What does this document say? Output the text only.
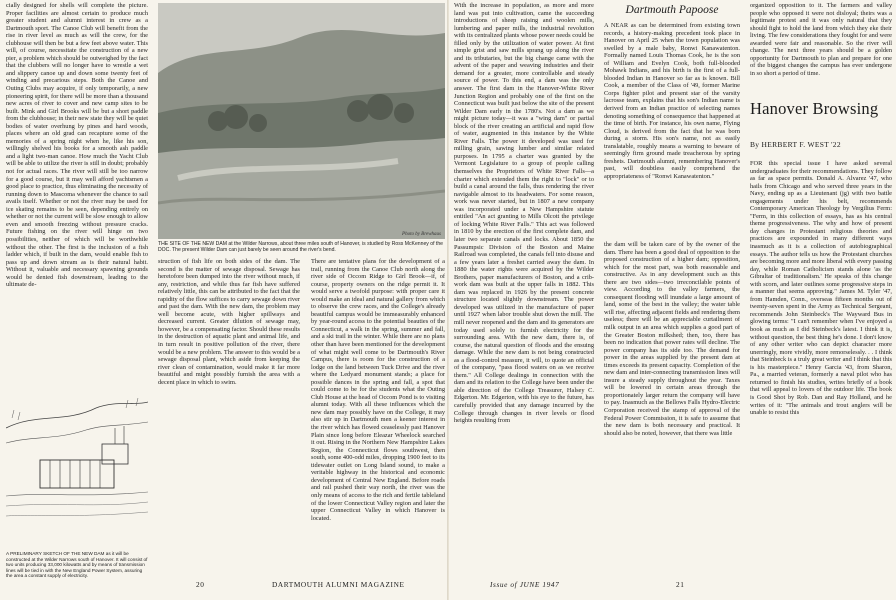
cially designed for shells will complete the picture. Proper facilities are almost certain to produce much greater student and alumni interest in crew as a Dartmouth sport. The Canoe Club will benefit from the rise in river level as much as will the crew, for the clubhouse will then be but a few feet above water. This will, of course, necessitate the construction of a new pier, a problem which should be outweighed by the fact that the clubbers will no longer have to wrestle a wet and slippery canoe up and down some twenty feet of winding and precarious steps. Both the Canoe and Outing Clubs may acquire, if only temporarily, a new pioneering spirit, for there will be more than a thousand new acres of river to cover and new camp sites to be built. Mink and Girl Brooks will be but a short paddle from the clubhouse; in their new state they will be quiet bodies of water overhung by pines and hard woods, places where an old grad can recapture some of the memories of a spring night when he, like his son, willingly shelved his books for a smooth ash paddle and a light two-man canoe. How much the Yacht Club will be able to utilize the river is still in doubt; probably not for actual races. The river will still be too narrow for a good course, but it may well afford yachtsmen a good place to practice, thus eliminating the necessity of running down to Mascoma whenever the chance to sail avails itself. Whether or not the river may be used for ice skating remains to be seen, depending entirely on whether or not the current will be slow enough to allow even and smooth freezing without pressure cracks. Future fishing on the river will hinge on two possibilities, neither of which will be worthwhile without the other. The first is the inclusion of a fish ladder which, if built in the dam, would enable fish to pass up and down stream as is their natural habit. Without it, valuable and necessary spawning grounds would be denied fish downstream, leading to the ultimate de-

Photo by Brewhaus
THE SITE OF THE NEW DAM at the Wilder Narrows, about three miles south of Hanover, is studied by Ross McKenney of the DOC. The present Wilder Dam can just barely be seen around the river's bend.
A PRELIMINARY SKETCH OF THE NEW DAM as it will be constructed at the Wilder Narrows south of Hanover. It will consist of two units producing 33,000 kilowatts and by means of transmission lines will be tied in with the New England Power System, assuring the area a constant supply of electricity.

struction of fish life on both sides of the dam. The second is the matter of sewage disposal. Sewage has heretofore been dumped into the river without much, if any, restriction, and while thus far fish have suffered relatively little, this can be attributed to the fact that the rapidity of the flow suffices to carry sewage down river and past the dam. With the new dam, the problem may well become acute, with higher spillways and decreased current. Greater dilution of sewage may, however, be a compensating factor. Should these results in the destruction of aquatic plant and animal life, and in turn result in positive pollution of the river, there would be a new problem. The answer to this would be a sewage disposal plant, which aside from keeping the river clean of contamination, would make it far more beautiful and might possibly furnish the area with a decent place in which to swim.

There are tentative plans for the development of a trail, running from the Canoe Club north along the river side of Occom Ridge to Girl Brook—if, of course, property owners on the ridge permit it. It would serve a twofold purpose: with proper care it would make an ideal and natural gallery from which to observe the crew races, and the College's already beautiful campus would be immeasurably enhanced by year-round access to the potential beauties of the Connecticut, a walk in the spring, summer and fall, and a ski trail in the winter. While there are no plans other than have been mentioned for the development of what might well come to be Dartmouth's River Campus, there is room for the construction of a lodge on the land between Tuck Drive and the river where the Ledyard monument stands; a place for possible dances in the spring and fall, a spot that could come to be for the students what the Outing Club House at the head of Occom Pond is to visiting alumni today. With all these influences which the new dam may possibly have on the College, it may also stir up in Dartmouth men a keener interest in the river which has flowed ceaselessly past Hanover Plain since long before Eleazar Wheelock searched it out. Rising in the Northern New Hampshire Lakes Region, the Connecticut flows southwest, then south, some 400-odd miles, dropping 1900 feet to its tidewater outlet on Long Island sound, to make a veritable highway in the historical and economic development of Central New England. Before roads and rail pushed their way north, the river was the only means of access to the rich and fertile tableland of the lower Connecticut Valley region and later the upper Connecticut Valley in which Hanover is located.

20	DARTMOUTH ALUMNI MAGAZINE

With the increase in population, as more and more land was put into cultivation, came the succeeding introductions of sheep raising and woolen mills, lumbering and paper mills, the industrial revolution with its centralized plants whose power needs could be filled only by the utilization of water power. At first simple grist and saw mills sprang up along the river and its tributaries, but the big change came with the advent of the paper and weaving industries and their demand for a greater, more controllable and steady source of power. To this end, a dam was the only answer. The first dam in the Hanover-White River Junction Region and probably one of the first on the Connecticut was built just below the site of the present Wilder Dam early in the 1780's. Not a dam as we might picture today—it was a "wing dam" or partial block of the river creating an artificial and rapid flow of water, augmented in this instance by the White River Falls. The power it developed was used for milling grain, sawing lumber and similar related purposes. In 1795 a charter was granted by the Vermont Legislature to a group of people calling themselves the Proprietors of White River Falls—a charter which extended them the right to "lock" or to build a canal around the falls, thus rendering the river navigable almost to its headwaters. For some reason, work was never started, but in 1807 a new company was incorporated under a New Hampshire statute entitled "An act granting to Mills Olcott the privilege of locking White River Falls." This act was followed in 1810 by the erection of the first complete dam, and later two separate canals and locks. About 1850 the Passumpsic Division of the Boston and Maine Railroad was completed, the canals fell into disuse and a few years later a freshet carried away the dam. In 1880 the water rights were acquired by the Wilder Brothers, paper manufacturers of Boston, and a crib-work dam was built at the upper falls in 1882. This dam was replaced in 1926 by the present concrete structure located slightly downstream. The power developed was utilized in the manufacture of paper until 1927 when labor trouble shut down the mill. The mill never reopened and the dam and its generators are today used solely to furnish electricity for the surrounding area. With the new dam, there is, of course, the natural question of floods and the ensuing damage. While the new dam is not being constructed as a flood-control measure, it will, to quote an official of the company, "pass flood waters on as we receive them." All College dealings in connection with the dam and its relation to the College have been under the able direction of the College Treasurer, Halsey C. Edgerton. Mr. Edgerton, with his eye to the future, has carefully provided that any damage incurred by the College through changes in river levels or flood heights resulting from

Dartmouth Papoose

A NEAR as can be determined from existing town records, a history-making precedent took place in Hanover on April 25 when the town population was swelled by a male baby, Ronwi Kanawatenton. Formally named Louis Thomas Cook, he is the son of William and Evelyn Cook, both full-blooded Mohawk Indians, and his birth is the first of a full-blooded Indian in Hanover so far as is known. Bill Cook, a member of the Class of '49, former Marine Corps fighter pilot and present star of the varsity lacrosse team, explains that his son's Indian name is derived from an Indian practice of selecting names denoting something of consequence that happened at the time of birth. For instance, his own name, Flying Cloud, is derived from the fact that he was born during a storm. His son's name, not as easily translatable, roughly means a warning to beware of seemingly firm ground made treacherous by spring freshets. Dartmouth alumni, remembering Hanover's past, will doubtless easily comprehend the appropriateness of "Ronwi Kanawatenton."

the dam will be taken care of by the owner of the dam. There has been a good deal of opposition to the proposed construction of a higher dam; opposition, which for the most part, was both reasonable and constructive. As in any development such as this there are two sides—two irreconcilable points of view. According to the valley farmers, the consequent flooding will inundate a large amount of land, some of the best in the valley; the water table will rise, affecting adjacent fields and rendering them useless; there will be an appreciable curtailment of milk output in an area which supplies a good part of the Greater Boston milkshed; then, too, there has been no indication that power rates will decline. The power company has its side too. The demand for power in the areas supplied by the present dam at times exceeds its present capacity. Completion of the new dam and inter-connecting transmission lines will insure a steady supply throughout the year. Taxes will be lowered in certain areas through the proportionately larger return the company will have to pay. Inasmuch as the Bellows Falls Hydro-Electric Corporation received the stamp of approval of the Federal Power Commission, it is safe to assume that the new dam is both necessary and practical. It should also be noted, however, that there was little

organized opposition to it. The farmers and valley people who opposed it were not disloyal; theirs was a legitimate protest and it was only natural that they should fight to hold the land from which they eke their living. The few considerations they fought for and were awarded were fair and reasonable. So the river will change. The next three years should be a golden opportunity for Dartmouth to plan and prepare for one of the biggest changes the campus has ever undergone in so short a period of time.

Hanover Browsing
By HERBERT F. WEST '22

FOR this special issue I have asked several undergraduates for their recommendations. They follow as far as space permits. Donald A. Alvarez '47, who hails from Chicago and who served three years in the Navy, ending up as a Lieutenant (jg) with two battle engagements under his belt, recommends Contemporary American Theology by Vergilius Ferm: "Ferm, in this collection of essays, has as his central theme progressiveness. The why and how of present day changes in Protestant religious theories and practices are expounded in many different ways inasmuch as it is a collection of autobiographical essays. The author tells us how the Protestant churches are becoming more and more liberal with every passing day, while Roman Catholicism stands alone 'as the Gibraltar of traditionalism.' He speaks of this change with scorn, and later outlines some progressive steps in a manner that seems approving." James M. Tyler '47, from Hamden, Conn., overseas fifteen months out of twenty-seven spent in the Army as Technical Sergeant, recommends John Steinbeck's The Wayward Bus in glowing terms: "I can't remember when I've enjoyed a book as much as I did Steinbeck's latest. I think it is, without question, the best thing he's done. I don't know of any other writer who can depict character more unerringly, more vividly, more remorselessly. . . I think that Steinbeck is a truly great writer and I think that this is his masterpiece." Henry Garcia '43, from Sharon, Pa., a married veteran, formerly a naval pilot who has returned to finish his studies, writes briefly of a book that will appeal to lovers of the outdoor life. The book is Good Shot by Rob. Dan and Ray Holland, and he writes of it: "The animals and trout anglers will be unable to resist this

Issue of JUNE 1947	21
